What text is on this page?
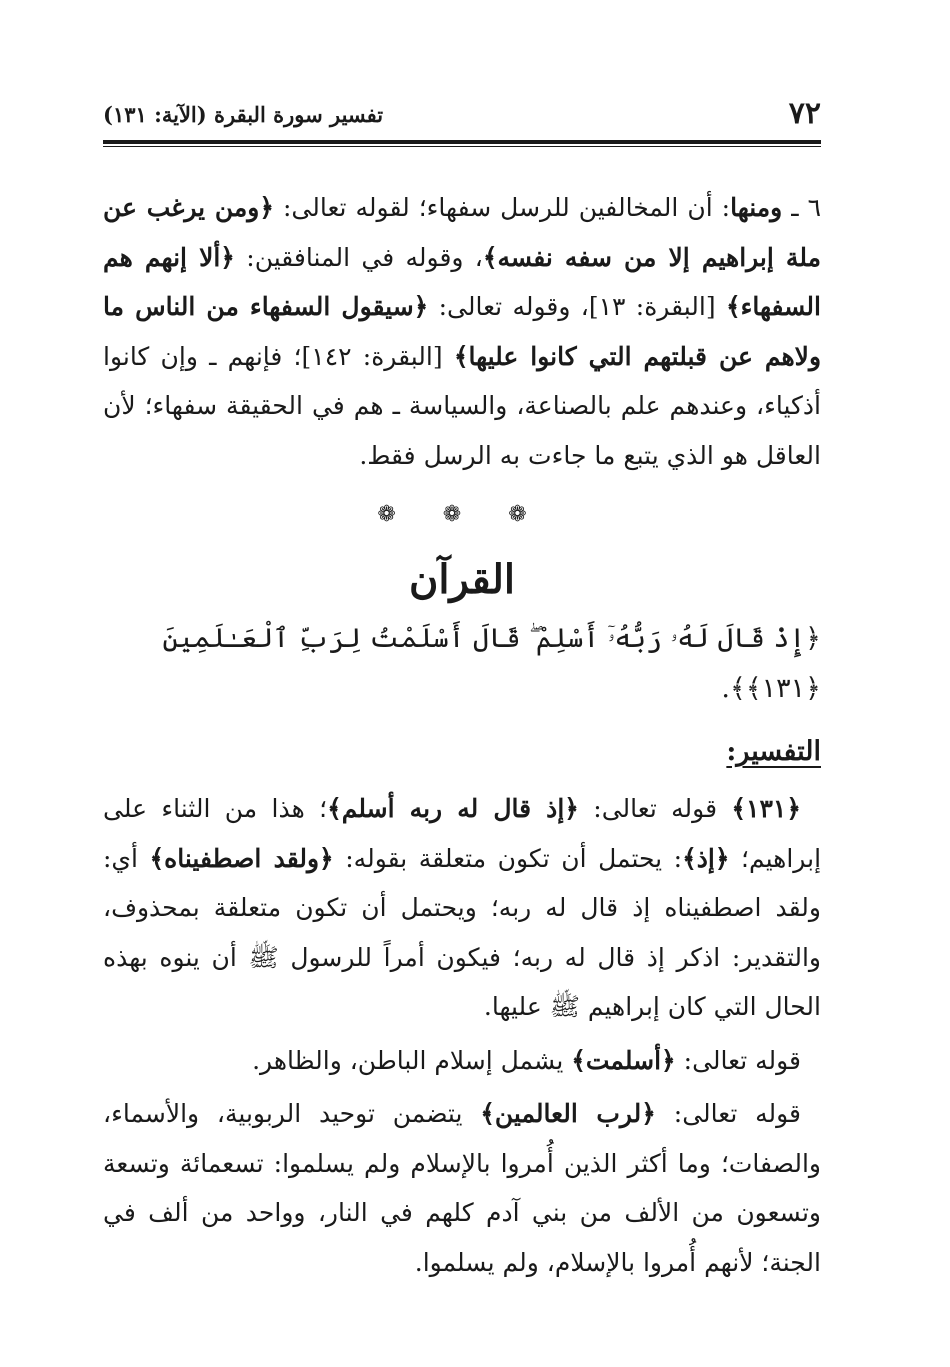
٧٢
تفسير سورة البقرة (الآية: ١٣١)

٦ ـ ومنها: أن المخالفين للرسل سفهاء؛ لقوله تعالى: ﴿ومن يرغب عن ملة إبراهيم إلا من سفه نفسه﴾، وقوله في المنافقين: ﴿ألا إنهم هم السفهاء﴾ [البقرة: ١٣]، وقوله تعالى: ﴿سيقول السفهاء من الناس ما ولاهم عن قبلتهم التي كانوا عليها﴾ [البقرة: ١٤٢]؛ فإنهم ـ وإن كانوا أذكياء، وعندهم علم بالصناعة، والسياسة ـ هم في الحقيقة سفهاء؛ لأن العاقل هو الذي يتبع ما جاءت به الرسل فقط.

❁ ❁ ❁
القرآن
﴿إِذْ قَالَ لَهُۥ رَبُّهُۥٓ أَسْلِمْ ۖ قَالَ أَسْلَمْتُ لِرَبِّ ٱلْعَـٰلَمِينَ ﴿١٣١﴾﴾.
التفسير:

﴿١٣١﴾ قوله تعالى: ﴿إذ قال له ربه أسلم﴾؛ هذا من الثناء على إبراهيم؛ ﴿إذ﴾: يحتمل أن تكون متعلقة بقوله: ﴿ولقد اصطفيناه﴾ أي: ولقد اصطفيناه إذ قال له ربه؛ ويحتمل أن تكون متعلقة بمحذوف، والتقدير: اذكر إذ قال له ربه؛ فيكون أمراً للرسول ﷺ أن ينوه بهذه الحال التي كان إبراهيم ﷺ عليها.

قوله تعالى: ﴿أسلمت﴾ يشمل إسلام الباطن، والظاهر.

قوله تعالى: ﴿لرب العالمين﴾ يتضمن توحيد الربوبية، والأسماء، والصفات؛ وما أكثر الذين أُمروا بالإسلام ولم يسلموا: تسعمائة وتسعة وتسعون من الألف من بني آدم كلهم في النار، وواحد من ألف في الجنة؛ لأنهم أُمروا بالإسلام، ولم يسلموا.
